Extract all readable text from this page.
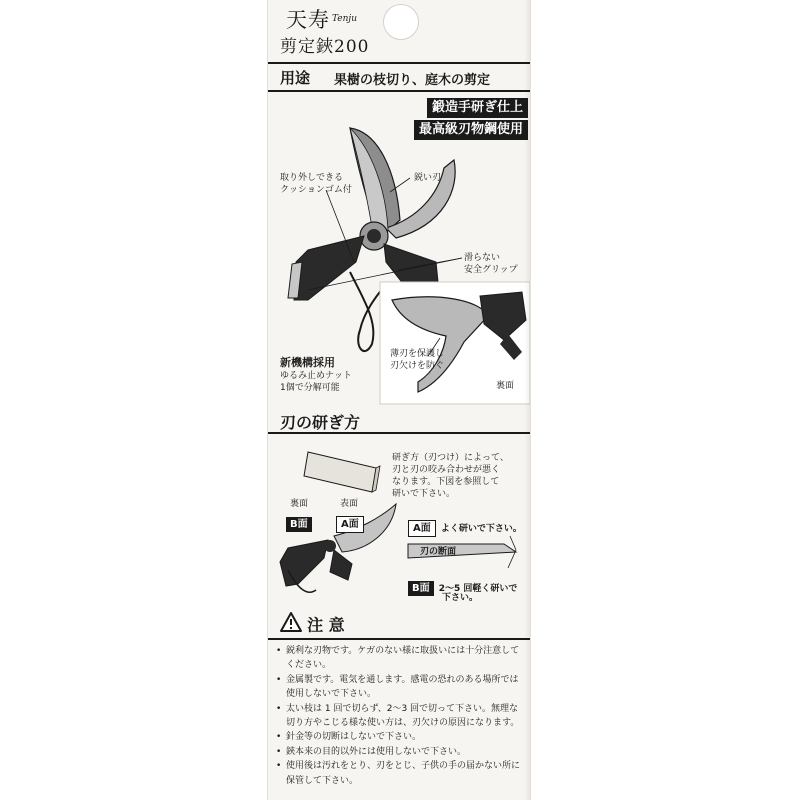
天寿 Tenju
剪定鋏200
用途 果樹の枝切り、庭木の剪定
鍛造手研ぎ仕上
最高級刃物鋼使用
取り外しできる
クッションゴム付
鋭い刃
滑らない
安全グリップ
新機構採用
ゆるみ止めナット
1個で分解可能
薄刃を保護し
刃欠けを防ぐ
裏面
刃の研ぎ方
研ぎ方（刃つけ）によって、
刃と刃の咬み合わせが悪く
なります。下図を参照して
研いで下さい。
裏面
B面
表面
A面	A面 よく研いで下さい。
刃の断面
B面 2〜5 回軽く研いで
下さい。
注 意
• 鋭利な刃物です。ケガのない様に取扱いには十分注意してください。
• 金属製です。電気を通します。感電の恐れのある場所では使用しないで下さい。
• 太い枝は 1 回で切らず、2〜3 回で切って下さい。無理な切り方やこじる様な使い方は、刃欠けの原因になります。
• 針金等の切断はしないで下さい。
• 鋏本来の目的以外には使用しないで下さい。
• 使用後は汚れをとり、刃をとじ、子供の手の届かない所に保管して下さい。
